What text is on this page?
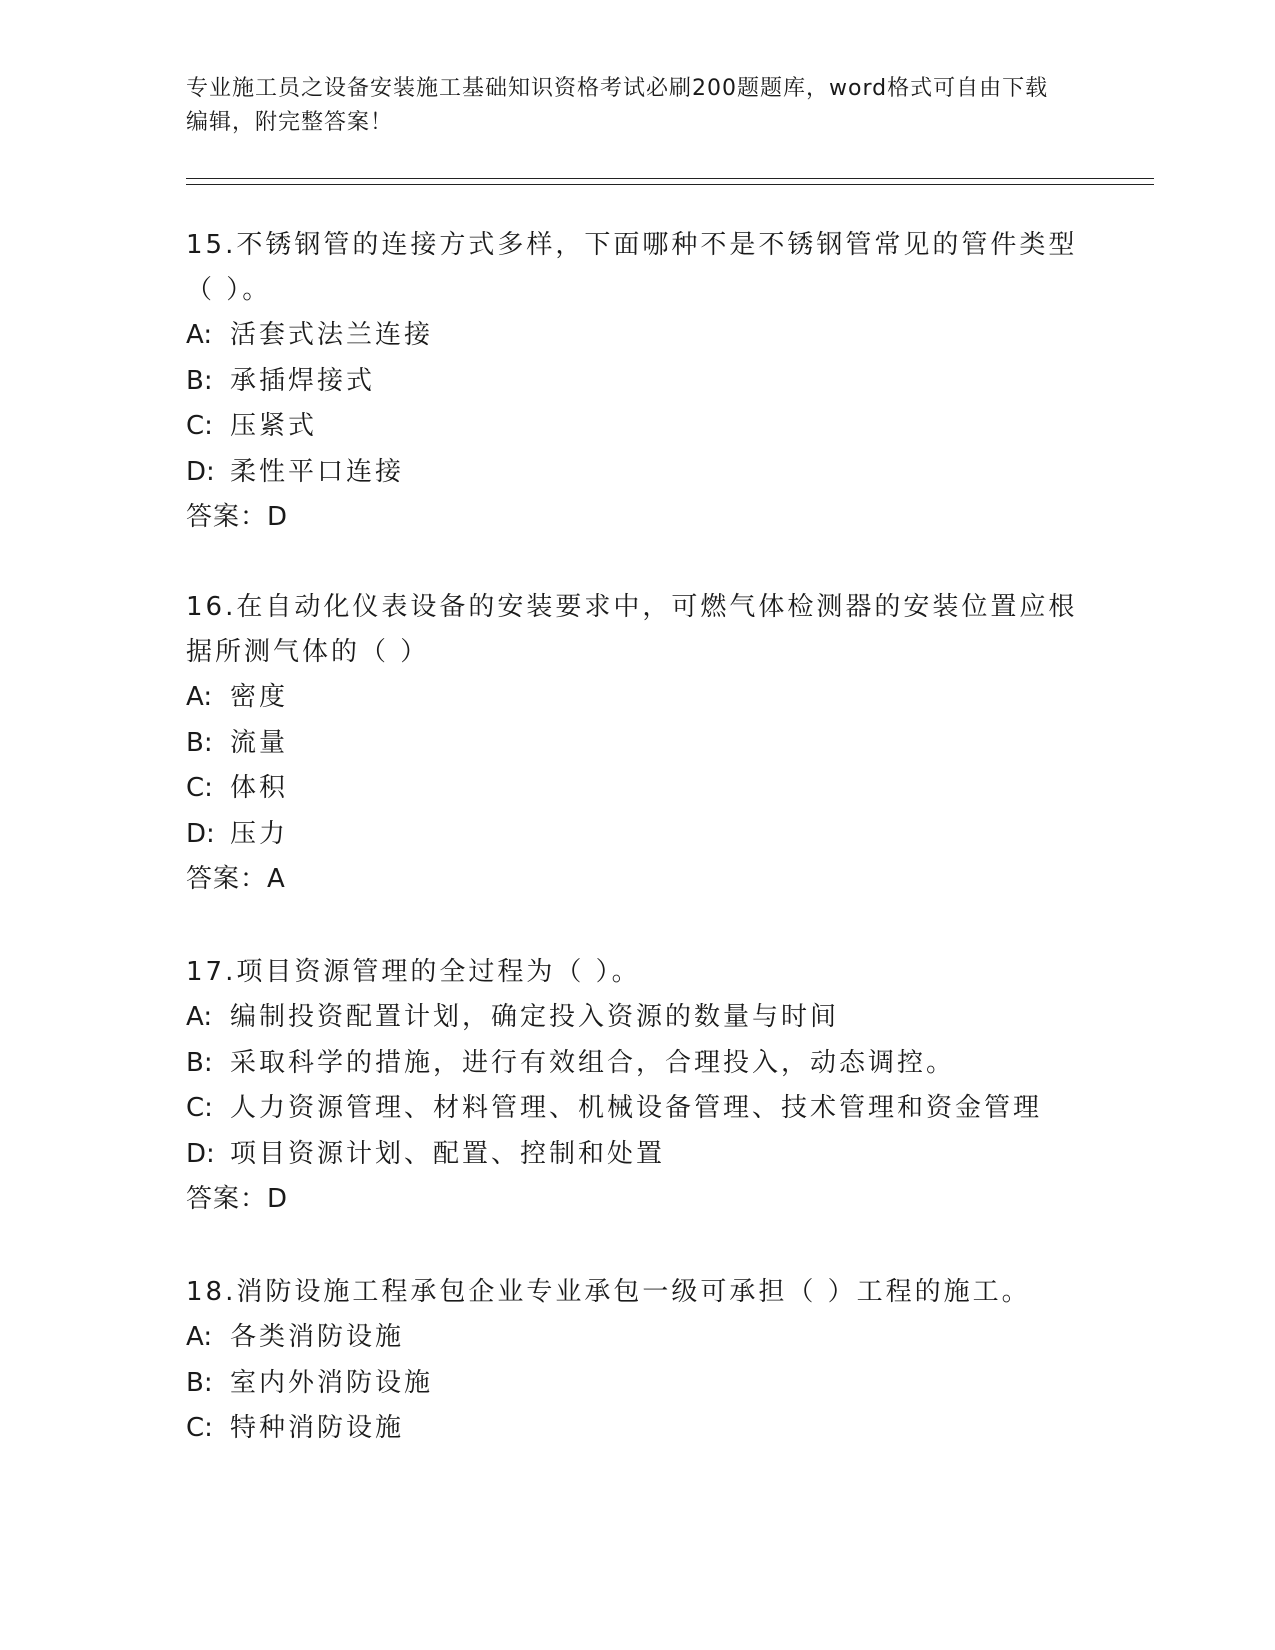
专业施工员之设备安装施工基础知识资格考试必刷200题题库，word格式可自由下载编辑，附完整答案！

15.不锈钢管的连接方式多样，下面哪种不是不锈钢管常见的管件类型（ ）。

A: 活套式法兰连接
B: 承插焊接式
C: 压紧式
D: 柔性平口连接
答案：D

16.在自动化仪表设备的安装要求中，可燃气体检测器的安装位置应根据所测气体的（ ）

A: 密度
B: 流量
C: 体积
D: 压力
答案：A

17.项目资源管理的全过程为（ ）。

A: 编制投资配置计划，确定投入资源的数量与时间
B: 采取科学的措施，进行有效组合，合理投入，动态调控。
C: 人力资源管理、材料管理、机械设备管理、技术管理和资金管理
D: 项目资源计划、配置、控制和处置
答案：D

18.消防设施工程承包企业专业承包一级可承担（ ）工程的施工。

A: 各类消防设施
B: 室内外消防设施
C: 特种消防设施
